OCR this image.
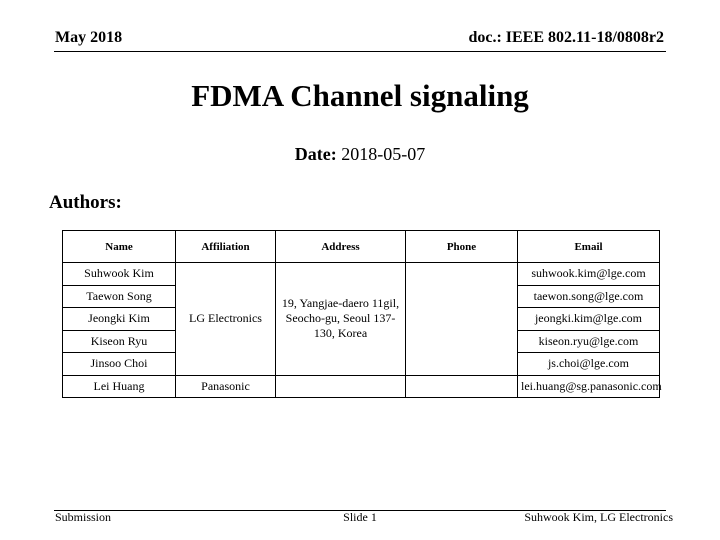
May 2018	doc.: IEEE 802.11-18/0808r2
FDMA Channel signaling
Date: 2018-05-07
Authors:
Name	Affiliation	Address	Phone	Email
Suhwook Kim	LG Electronics	19, Yangjae-daero 11gil, Seocho-gu, Seoul 137-130, Korea		suhwook.kim@lge.com
Taewon Song				taewon.song@lge.com
Jeongki Kim				jeongki.kim@lge.com
Kiseon Ryu				kiseon.ryu@lge.com
Jinsoo Choi				js.choi@lge.com
Lei Huang	Panasonic			lei.huang@sg.panasonic.com
Submission	Slide 1	Suhwook Kim, LG Electronics
